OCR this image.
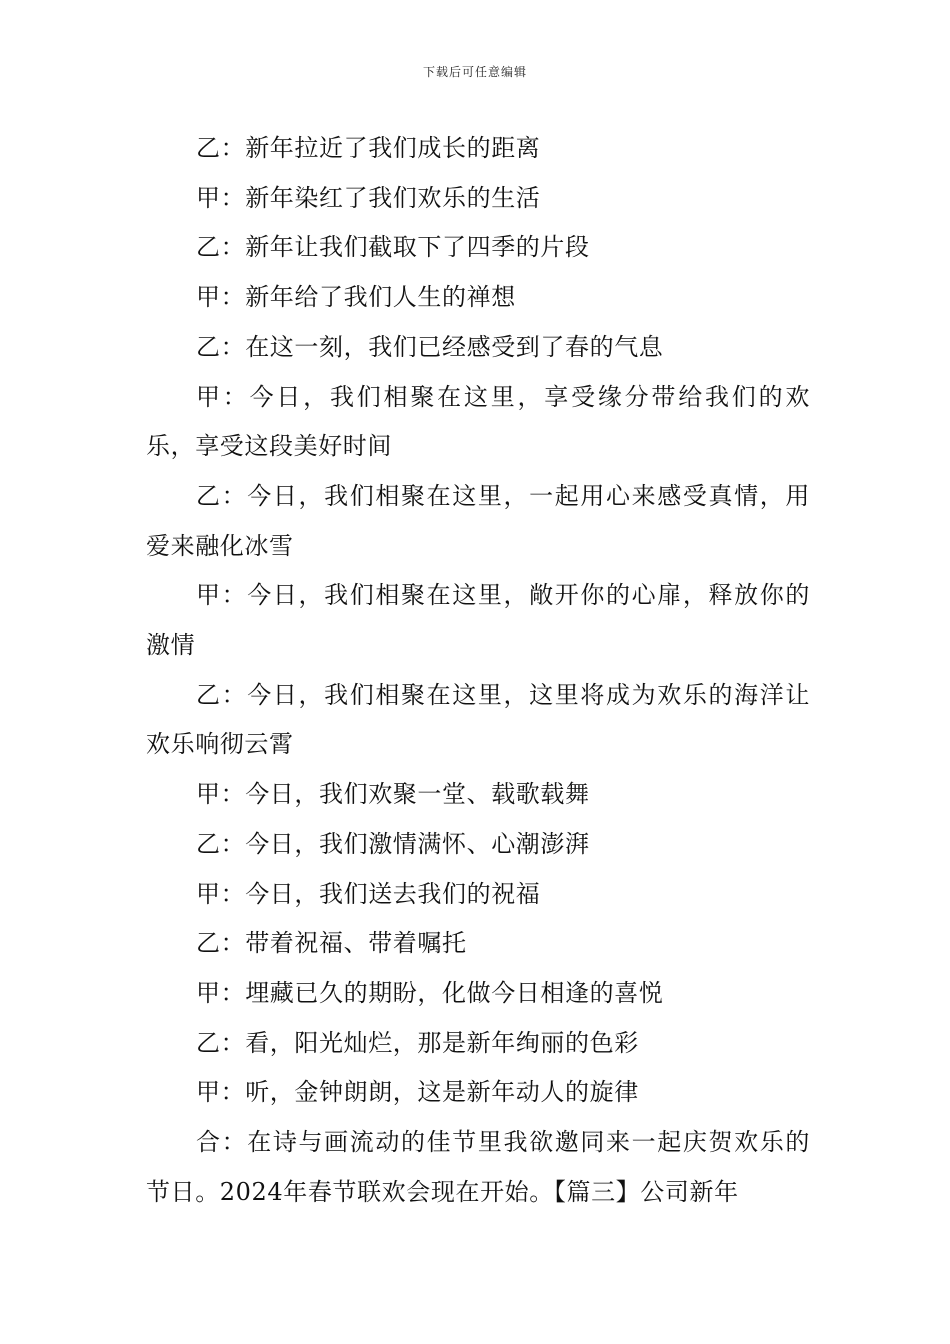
下载后可任意编辑

乙：新年拉近了我们成长的距离

甲：新年染红了我们欢乐的生活

乙：新年让我们截取下了四季的片段

甲：新年给了我们人生的禅想

乙：在这一刻，我们已经感受到了春的气息

甲：今日，我们相聚在这里，享受缘分带给我们的欢乐，享受这段美好时间

乙：今日，我们相聚在这里，一起用心来感受真情，用爱来融化冰雪

甲：今日，我们相聚在这里，敞开你的心扉，释放你的激情

乙：今日，我们相聚在这里，这里将成为欢乐的海洋让欢乐响彻云霄

甲：今日，我们欢聚一堂、载歌载舞

乙：今日，我们激情满怀、心潮澎湃

甲：今日，我们送去我们的祝福

乙：带着祝福、带着嘱托

甲：埋藏已久的期盼，化做今日相逢的喜悦

乙：看，阳光灿烂，那是新年绚丽的色彩

甲：听，金钟朗朗，这是新年动人的旋律

合：在诗与画流动的佳节里我欲邀同来一起庆贺欢乐的节日。2024年春节联欢会现在开始。【篇三】公司新年
